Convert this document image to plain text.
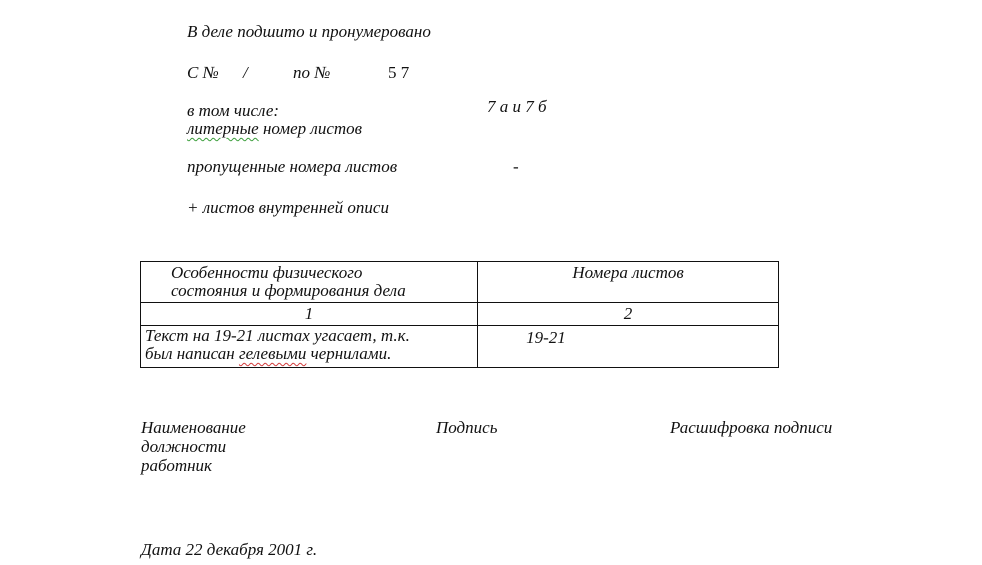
В деле подшито и пронумеровано
С № /	по №	5 7
в том числе:	7 а и 7 б
литерные номер листов
пропущенные номера листов	-
+ листов внутренней описи
Особенности физического
состояния и формирования дела	Номера листов
1	2

Текст на 19-21 листах угасает, т.к.
был написан гелевыми чернилами.	19-21
Наименование
должности
работник
Подпись	Расшифровка подписи
Дата 22 декабря 2001 г.
